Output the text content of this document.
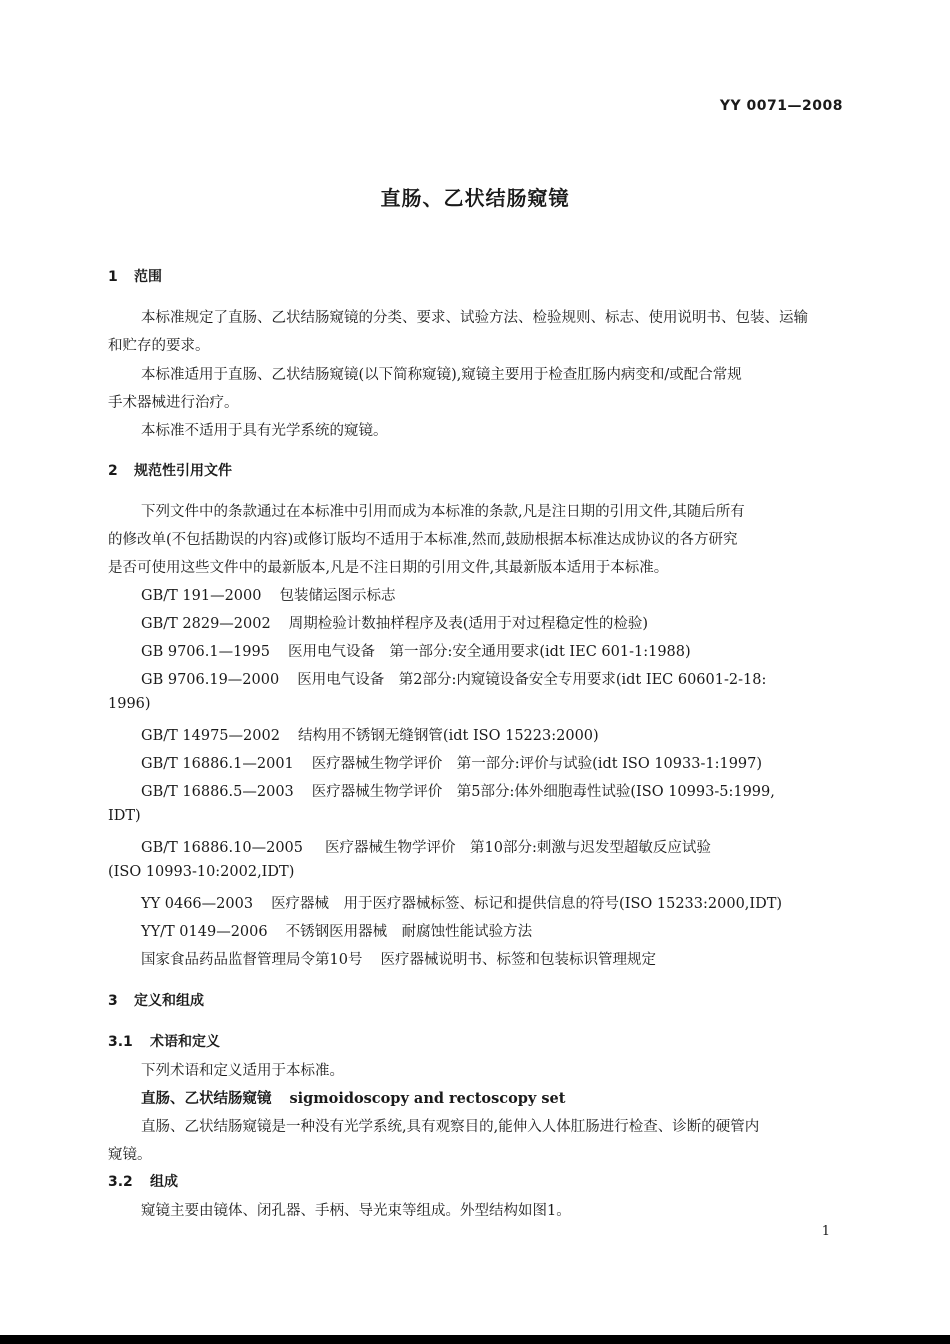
YY 0071—2008
直肠、乙状结肠窥镜
1 范围
本标准规定了直肠、乙状结肠窥镜的分类、要求、试验方法、检验规则、标志、使用说明书、包装、运输
和贮存的要求。
本标准适用于直肠、乙状结肠窥镜(以下简称窥镜),窥镜主要用于检查肛肠内病变和/或配合常规
手术器械进行治疗。
本标准不适用于具有光学系统的窥镜。
2 规范性引用文件
下列文件中的条款通过在本标准中引用而成为本标准的条款,凡是注日期的引用文件,其随后所有
的修改单(不包括勘误的内容)或修订版均不适用于本标准,然而,鼓励根据本标准达成协议的各方研究
是否可使用这些文件中的最新版本,凡是不注日期的引用文件,其最新版本适用于本标准。
GB/T 191—2000 包装储运图示标志
GB/T 2829—2002 周期检验计数抽样程序及表(适用于对过程稳定性的检验)
GB 9706.1—1995 医用电气设备　第一部分:安全通用要求(idt IEC 601-1:1988)
GB 9706.19—2000 医用电气设备　第2部分:内窥镜设备安全专用要求(idt IEC 60601-2-18:
1996)
GB/T 14975—2002 结构用不锈钢无缝钢管(idt ISO 15223:2000)
GB/T 16886.1—2001 医疗器械生物学评价　第一部分:评价与试验(idt ISO 10933-1:1997)
GB/T 16886.5—2003 医疗器械生物学评价　第5部分:体外细胞毒性试验(ISO 10993-5:1999,
IDT)
GB/T 16886.10—2005 医疗器械生物学评价　第10部分:刺激与迟发型超敏反应试验
(ISO 10993-10:2002,IDT)
YY 0466—2003 医疗器械　用于医疗器械标签、标记和提供信息的符号(ISO 15233:2000,IDT)
YY/T 0149—2006 不锈钢医用器械　耐腐蚀性能试验方法
国家食品药品监督管理局令第10号 医疗器械说明书、标签和包装标识管理规定
3 定义和组成
3.1 术语和定义
下列术语和定义适用于本标准。
直肠、乙状结肠窥镜 sigmoidoscopy and rectoscopy set
直肠、乙状结肠窥镜是一种没有光学系统,具有观察目的,能伸入人体肛肠进行检查、诊断的硬管内
窥镜。
3.2 组成
窥镜主要由镜体、闭孔器、手柄、导光束等组成。外型结构如图1。
1
